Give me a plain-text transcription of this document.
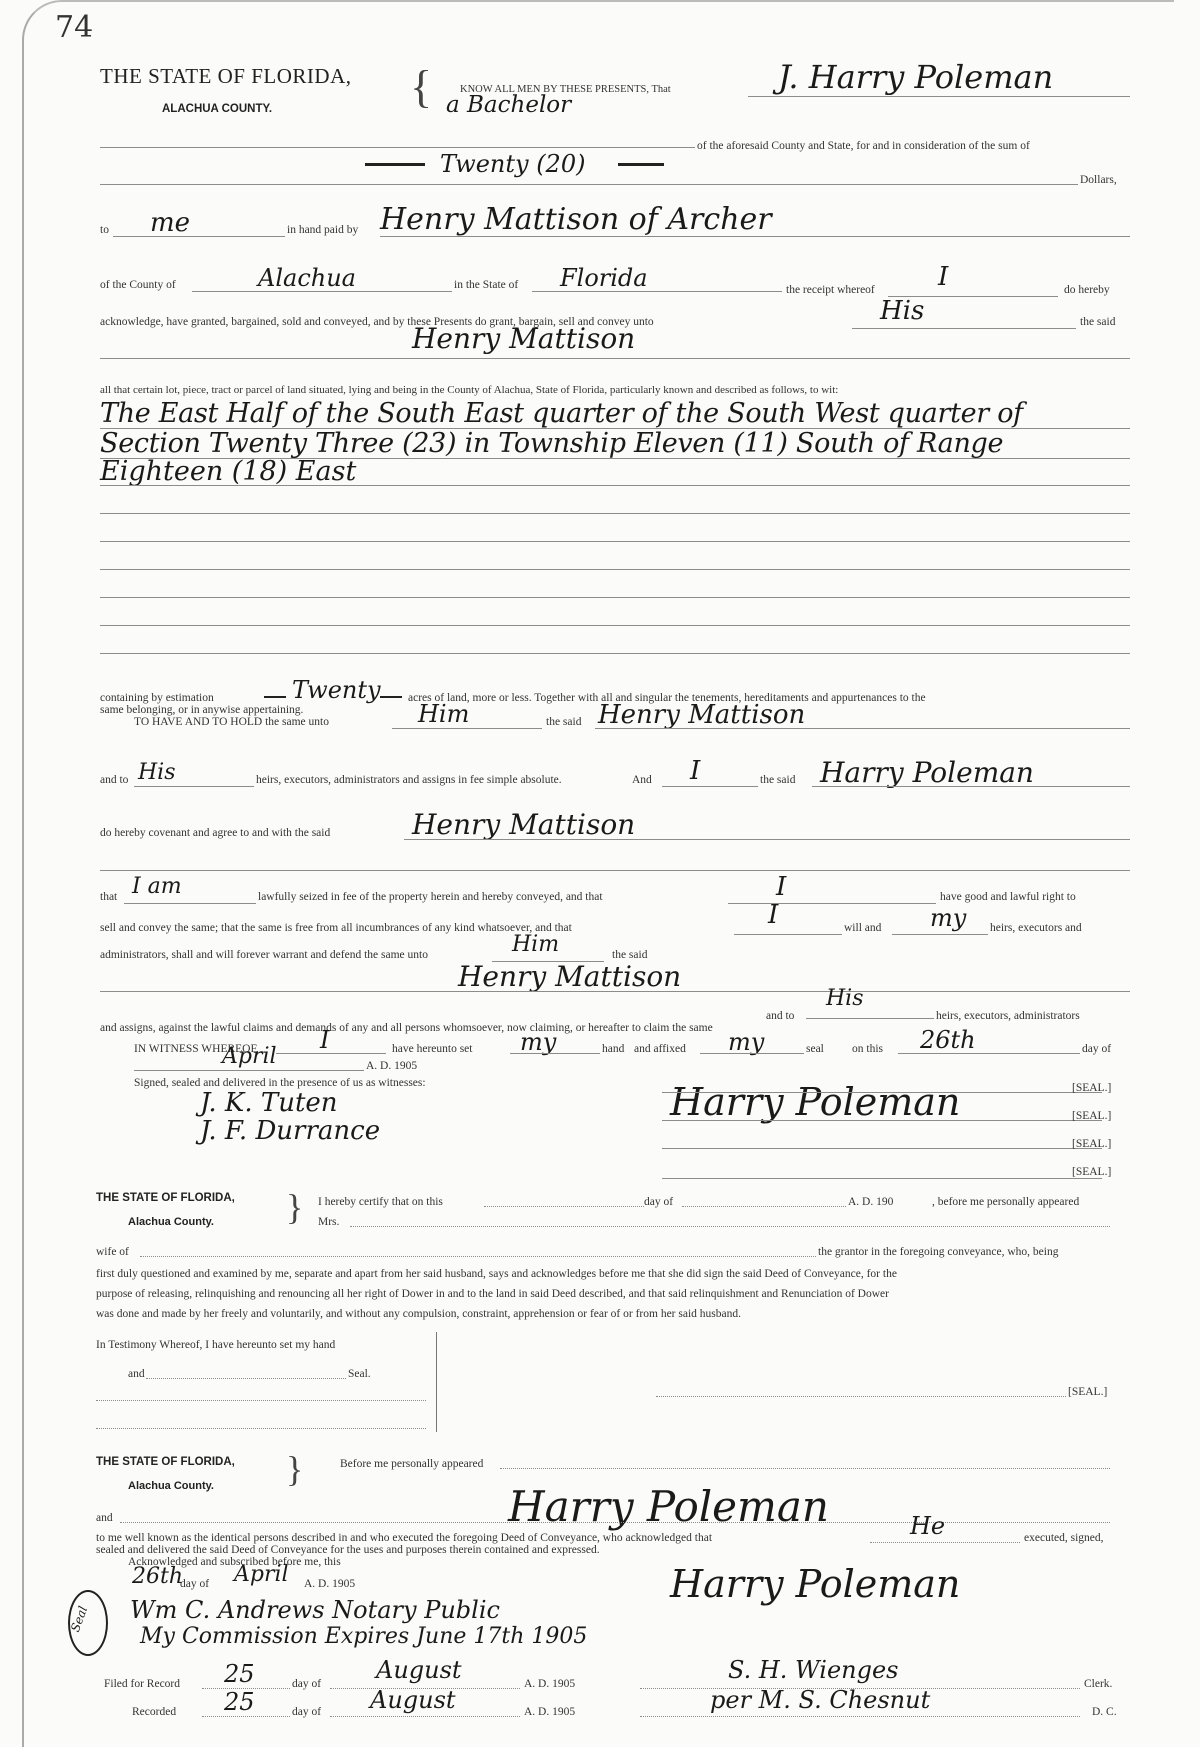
74
THE STATE OF FLORIDA,
ALACHUA COUNTY.	{	KNOW ALL MEN BY THESE PRESENTS, That	J. Harry Poleman
a Bachelor
of the aforesaid County and State, for and in consideration of the sum of
Twenty (20)
Dollars,
to me	in hand paid by Henry Mattison of Archer
of the County of	Alachua	in the State of Florida	the receipt whereof I	do hereby
acknowledge, have granted, bargained, sold and conveyed, and by these Presents do grant, bargain, sell and convey unto	His	the said
Henry Mattison
all that certain lot, piece, tract or parcel of land situated, lying and being in the County of Alachua, State of Florida, particularly known and described as follows, to wit:
The East Half of the South East quarter of the South West quarter of
Section Twenty Three (23) in Township Eleven (11) South of Range
Eighteen (18) East
containing by estimation	Twenty acres of land, more or less. Together with all and singular the tenements, hereditaments and appurtenances to the
same belonging, or in anywise appertaining.
TO HAVE AND TO HOLD the same unto	Him	the said Henry Mattison
and to His	heirs, executors, administrators and assigns in fee simple absolute.	And I	the said Harry Poleman
do hereby covenant and agree to and with the said	Henry Mattison
that I am	lawfully seized in fee of the property herein and hereby conveyed, and that	I	have good and lawful right to
sell and convey the same; that the same is free from all incumbrances of any kind whatsoever, and that	I	will and my heirs, executors and
administrators, shall and will forever warrant and defend the same unto	Him	the said
Henry Mattison
His
and to	heirs, executors, administrators
and assigns, against the lawful claims and demands of any and all persons whomsoever, now claiming, or hereafter to claim the same
IN WITNESS WHEREOF,	I	have hereunto set my	hand and affixed my	seal on this 26th	day of
April	A. D. 1905
Signed, sealed and delivered in the presence of us as witnesses:
J. K. Tuten
J. F. Durrance
Harry Poleman	[SEAL.]
[SEAL.]
[SEAL.]
[SEAL.]
THE STATE OF FLORIDA,
Alachua County. } I hereby certify that on this	day of	A. D. 190	, before me personally appeared
Mrs.
wife of	the grantor in the foregoing conveyance, who, being
first duly questioned and examined by me, separate and apart from her said husband, says and acknowledges before me that she did sign the said Deed of Conveyance, for the
purpose of releasing, relinquishing and renouncing all her right of Dower in and to the land in said Deed described, and that said relinquishment and Renunciation of Dower
was done and made by her freely and voluntarily, and without any compulsion, constraint, apprehension or fear of or from her said husband.
In Testimony Whereof, I have hereunto set my hand
and	Seal.
[SEAL.]
THE STATE OF FLORIDA,
Alachua County. }	Before me personally appeared
Harry Poleman
and
to me well known as the identical persons described in and who executed the foregoing Deed of Conveyance, who acknowledged that	He	executed, signed,
sealed and delivered the said Deed of Conveyance for the uses and purposes therein contained and expressed.
Acknowledged and subscribed before me, this
26th
day of April A. D. 1905	Harry Poleman
Wm C. Andrews Notary Public
My Commission Expires June 17th 1905
Seal
Filed for Record 25	day of August	A. D. 1905	S. H. Wienges	Clerk.
Recorded 25	day of August	A. D. 1905	per M. S. Chesnut	D. C.
